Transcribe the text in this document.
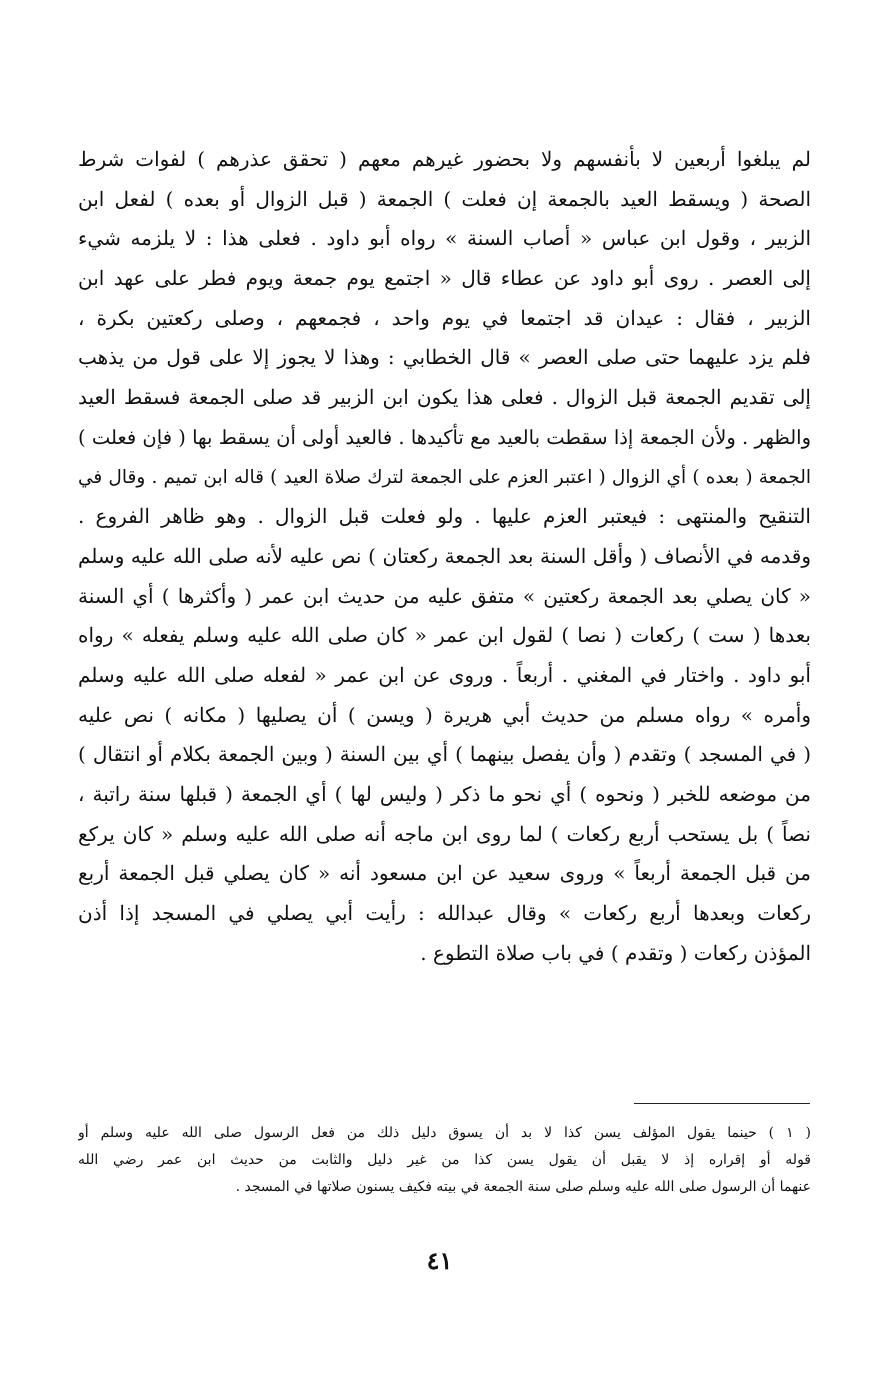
لم يبلغوا أربعين لا بأنفسهم ولا بحضور غيرهم معهم ( تحقق عذرهم ) لفوات شرط
الصحة ( ويسقط العيد بالجمعة إن فعلت ) الجمعة ( قبل الزوال أو بعده ) لفعل ابن
الزبير ، وقول ابن عباس « أصاب السنة » رواه أبو داود . فعلى هذا : لا يلزمه شيء
إلى العصر . روى أبو داود عن عطاء قال « اجتمع يوم جمعة ويوم فطر على عهد ابن
الزبير ، فقال : عيدان قد اجتمعا في يوم واحد ، فجمعهم ، وصلى ركعتين بكرة ،
فلم يزد عليهما حتى صلى العصر » قال الخطابي : وهذا لا يجوز إلا على قول من يذهب
إلى تقديم الجمعة قبل الزوال . فعلى هذا يكون ابن الزبير قد صلى الجمعة فسقط العيد
والظهر . ولأن الجمعة إذا سقطت بالعيد مع تأكيدها . فالعيد أولى أن يسقط بها ( فإن فعلت )
الجمعة ( بعده ) أي الزوال ( اعتبر العزم على الجمعة لترك صلاة العيد ) قاله ابن تميم . وقال في
التنقيح والمنتهى : فيعتبر العزم عليها . ولو فعلت قبل الزوال . وهو ظاهر الفروع .
وقدمه في الأنصاف ( وأقل السنة بعد الجمعة ركعتان ) نص عليه لأنه صلى الله عليه وسلم
« كان يصلي بعد الجمعة ركعتين » متفق عليه من حديث ابن عمر ( وأكثرها ) أي السنة
بعدها ( ست ) ركعات ( نصا ) لقول ابن عمر « كان صلى الله عليه وسلم يفعله » رواه
أبو داود . واختار في المغني . أربعاً . وروى عن ابن عمر « لفعله صلى الله عليه وسلم
وأمره » رواه مسلم من حديث أبي هريرة ( ويسن ) أن يصليها ( مكانه ) نص عليه
( في المسجد ) وتقدم ( وأن يفصل بينهما ) أي بين السنة ( وبين الجمعة بكلام أو انتقال )
من موضعه للخبر ( ونحوه ) أي نحو ما ذكر ( وليس لها ) أي الجمعة ( قبلها سنة راتبة ،
نصاً ) بل يستحب أربع ركعات ) لما روى ابن ماجه أنه صلى الله عليه وسلم « كان يركع
من قبل الجمعة أربعاً » وروى سعيد عن ابن مسعود أنه « كان يصلي قبل الجمعة أربع
ركعات وبعدها أربع ركعات » وقال عبدالله : رأيت أبي يصلي في المسجد إذا أذن
المؤذن ركعات ( وتقدم ) في باب صلاة التطوع .
( ١ ) حينما يقول المؤلف يسن كذا لا بد أن يسوق دليل ذلك من فعل الرسول صلى الله عليه وسلم أو
قوله أو إقراره إذ لا يقبل أن يقول يسن كذا من غير دليل والثابت من حديث ابن عمر رضي الله
عنهما أن الرسول صلى الله عليه وسلم صلى سنة الجمعة في بيته فكيف يسنون صلاتها في المسجد .
٤١
